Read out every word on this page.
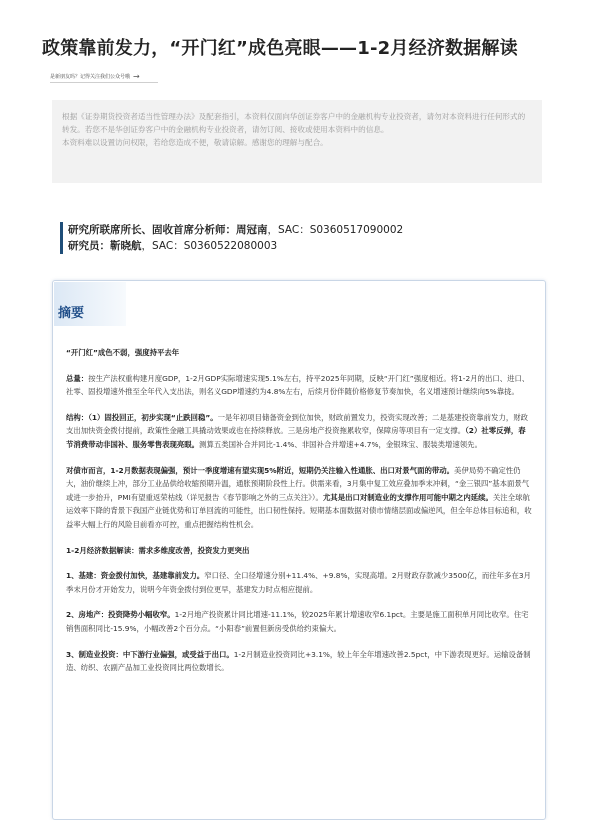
政策靠前发力，“开门红”成色亮眼——1-2月经济数据解读
是新朋友吗？记得关注我们公众号哦 →

根据《证券期货投资者适当性管理办法》及配套指引，本资料仅面向华创证券客户中的金融机构专业投资者，请勿对本资料进行任何形式的转发。若您不是华创证券客户中的金融机构专业投资者，请勿订阅、接收或使用本资料中的信息。

本资料难以设置访问权限，若给您造成不便，敬请谅解。感谢您的理解与配合。

研究所联席所长、固收首席分析师：周冠南，SAC：S0360517090002
研究员：靳晓航，SAC：S0360522080003
摘要

“开门红”成色不弱，强度持平去年

总量：按生产法权重构建月度GDP，1-2月GDP实际增速实现5.1%左右，持平2025年同期，反映“开门红”强度相近。将1-2月的出口、进口、社零、固投增速外推至全年代入支出法，则名义GDP增速约为4.8%左右，后续月份伴随价格修复节奏加快，名义增速预计继续向5%靠拢。

结构：（1）固投回正，初步实现“止跌回稳”。一是年初项目储备资金到位加快，财政前置发力，投资实现改善；二是基建投资靠前发力，财政支出加快资金拨付提前，政策性金融工具撬动效果或也在持续释放。三是房地产投资拖累收窄，保障房等项目有一定支撑。（2）社零反弹，春节消费带动非国补、服务零售表现亮眼。测算五类国补合并同比-1.4%、非国补合并增速+4.7%，金银珠宝、服装类增速领先。

对债市而言，1-2月数据表现偏强，预计一季度增速有望实现5%附近，短期仍关注输入性通胀、出口对景气面的带动。美伊局势不确定性仍大，油价继续上冲，部分工业品供给收缩预期升温，通胀预期阶段性上行。供需来看，3月集中复工效应叠加季末冲刺，“金三银四”基本面景气或进一步抬升，PMI有望重返荣枯线（详见报告《春节影响之外的三点关注》）。尤其是出口对制造业的支撑作用可能中期之内延续。关注全球航运效率下降的背景下我国产业链优势和订单回流的可能性，出口韧性保持。短期基本面数据对债市情绪层面或偏逆风，但全年总体目标追和，收益率大幅上行的风险目前看亦可控，重点把握结构性机会。

1-2月经济数据解读：需求多维度改善，投资发力更突出

1、基建：资金拨付加快，基建靠前发力。窄口径、全口径增速分别+11.4%、+9.8%，实现高增。2月财政存款减少3500亿，而往年多在3月季末月份才开始发力，说明今年资金拨付到位更早，基建发力时点相应提前。

2、房地产：投资降势小幅收窄。1-2月地产投资累计同比增速-11.1%，较2025年累计增速收窄6.1pct。主要是施工面积单月同比收窄。住宅销售面积同比-15.9%，小幅改善2个百分点。“小阳春”前置但新房受供给约束偏大。

3、制造业投资：中下游行业偏强，或受益于出口。1-2月制造业投资同比+3.1%，较上年全年增速改善2.5pct，中下游表现更好。运输设备制造、纺织、农副产品加工业投资同比两位数增长。
